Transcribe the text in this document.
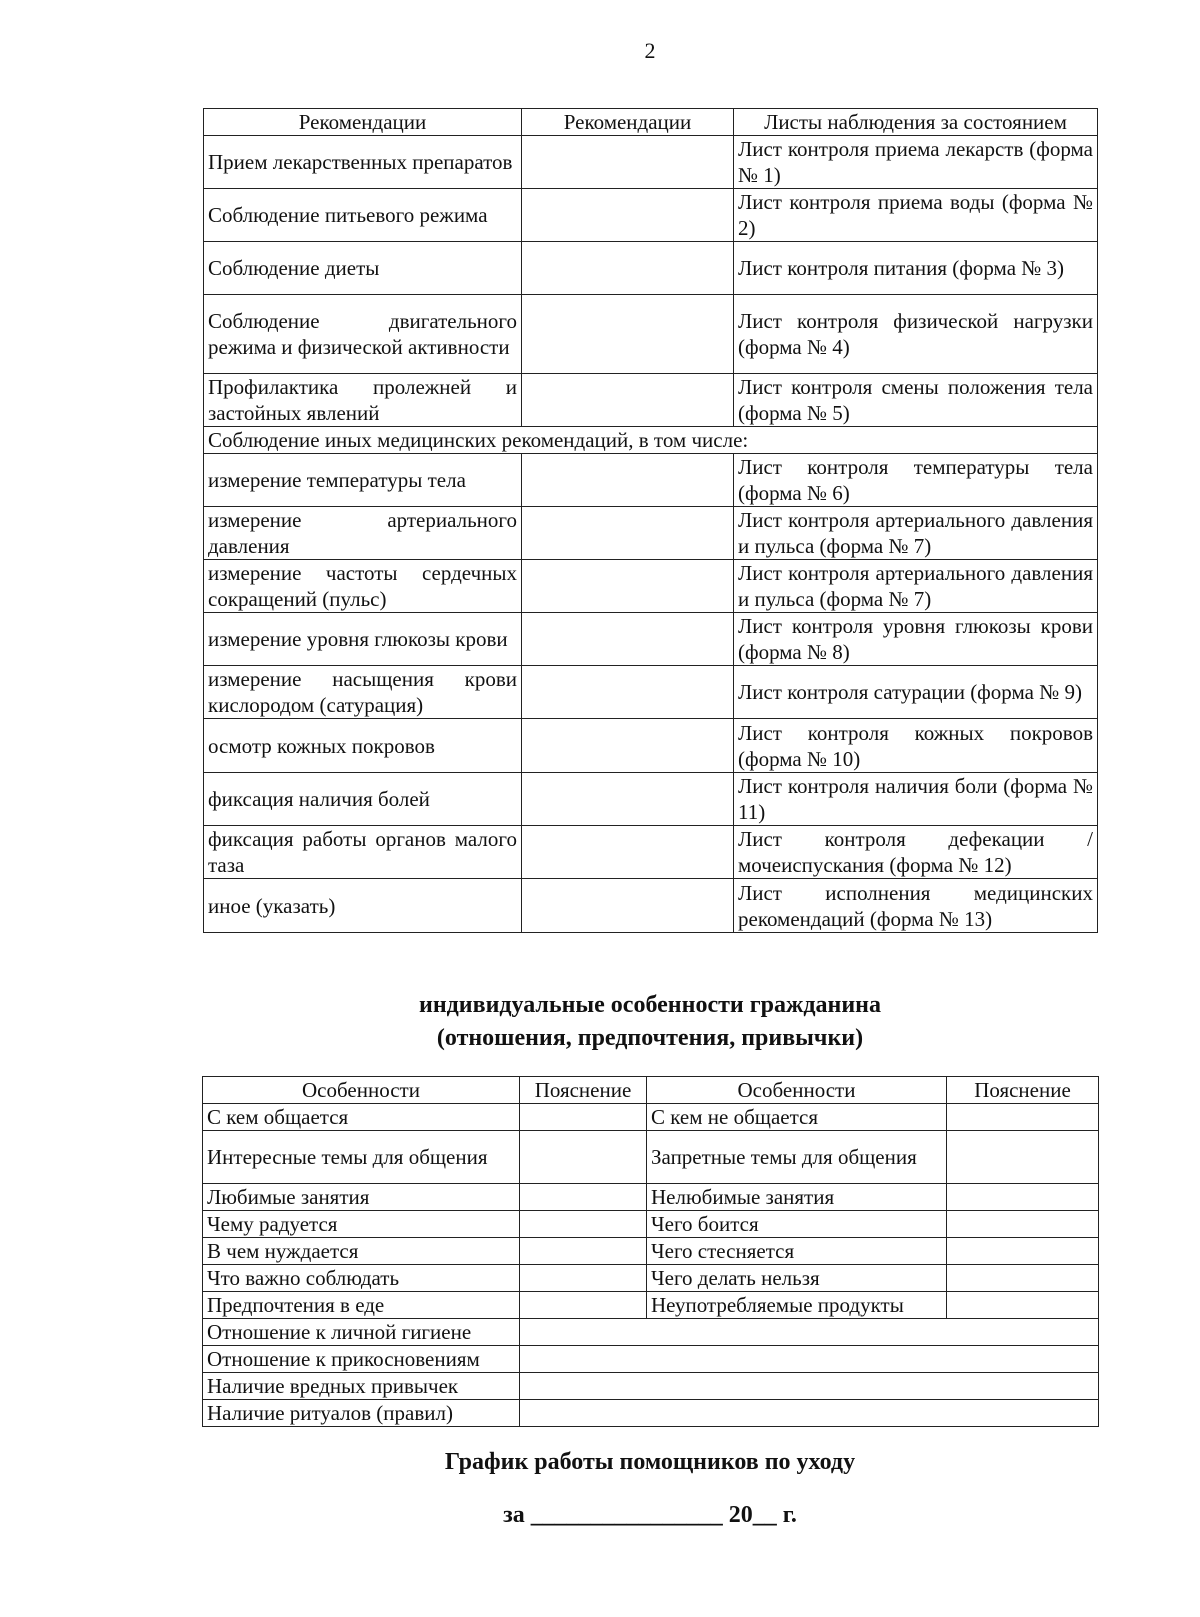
2
Рекомендации	Рекомендации	Листы наблюдения за состоянием
Прием лекарственных препаратов		Лист контроля приема лекарств (форма № 1)
Соблюдение питьевого режима		Лист контроля приема воды (форма № 2)
Соблюдение диеты		Лист контроля питания (форма № 3)
Соблюдение двигательного режима и физической активности		Лист контроля физической нагрузки (форма № 4)
Профилактика пролежней и застойных явлений		Лист контроля смены положения тела (форма № 5)
Соблюдение иных медицинских рекомендаций, в том числе:		
измерение температуры тела		Лист контроля температуры тела (форма № 6)
измерение артериального давления		Лист контроля артериального давления и пульса (форма № 7)
измерение частоты сердечных сокращений (пульс)		Лист контроля артериального давления и пульса (форма № 7)
измерение уровня глюкозы крови		Лист контроля уровня глюкозы крови (форма № 8)
измерение насыщения крови кислородом (сатурация)		Лист контроля сатурации (форма № 9)
осмотр кожных покровов		Лист контроля кожных покровов (форма № 10)
фиксация наличия болей		Лист контроля наличия боли (форма № 11)
фиксация работы органов малого таза		Лист контроля дефекации / мочеиспускания (форма № 12)
иное (указать)		Лист исполнения медицинских рекомендаций (форма № 13)
индивидуальные особенности гражданина
(отношения, предпочтения, привычки)
Особенности	Пояснение	Особенности	Пояснение
С кем общается		С кем не общается	
Интересные темы для общения		Запретные темы для общения	
Любимые занятия		Нелюбимые занятия	
Чему радуется		Чего боится	
В чем нуждается		Чего стесняется	
Что важно соблюдать		Чего делать нельзя	
Предпочтения в еде		Неупотребляемые продукты	
Отношение к личной гигиене			
Отношение к прикосновениям			
Наличие вредных привычек			
Наличие ритуалов (правил)			
График работы помощников по уходу
за ________________ 20__ г.
